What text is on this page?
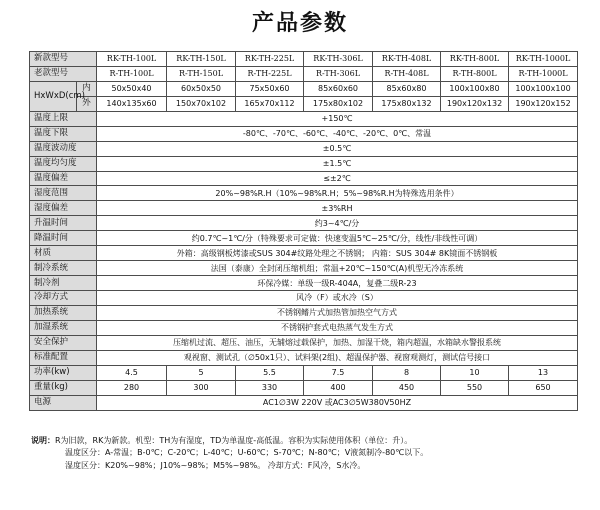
产品参数
新款型号		RK-TH-100L	RK-TH-150L	RK-TH-225L	RK-TH-306L	RK-TH-408L	RK-TH-800L	RK-TH-1000L
老款型号		R-TH-100L	R-TH-150L	R-TH-225L	R-TH-306L	R-TH-408L	R-TH-800L	R-TH-1000L
HxWxD(cm)	内	50x50x40	60x50x50	75x50x60	85x60x60	85x60x80	100x100x80	100x100x100
	外	140x135x60	150x70x102	165x70x112	175x80x102	175x80x132	190x120x132	190x120x152
温度上限		+150℃						
温度下限		-80℃、-70℃、-60℃、-40℃、-20℃、0℃、常温						
温度波动度		±0.5℃						
温度均匀度		±1.5℃						
温度偏差		≤±2℃						
湿度范围		20%~98%R.H（10%~98%R.H；5%~98%R.H为特殊选用条件）						
湿度偏差		±3%RH						
升温时间		约3~4℃/分						
降温时间		约0.7℃~1℃/分（特殊要求可定做：快速变温5℃~25℃/分，线性/非线性可调）						
材质		外箱：高级钢板烤漆或SUS 304#纹路处理之不锈钢； 内箱：SUS 304# 8K镜面不锈钢板						
制冷系统		法国（泰康）全封闭压缩机组；常温+20℃~150℃(A)机型无冷冻系统						
制冷剂		环保冷媒：单级一级R-404A，复叠二级R-23						
冷却方式		风冷（F）或水冷（S）						
加热系统		不锈钢鳍片式加热管加热空气方式						
加湿系统		不锈钢护套式电热蒸气发生方式						
安全保护		压缩机过流、超压、油压，无辅熔过载保护，加热、加湿干烧，箱内超温，水箱缺水警报系统						
标准配置		观视窗、测试孔（∅50x1只）、试料架(2组)、超温保护器、视窗观测灯，测试信号接口						
功率(kw)		4.5	5	5.5	7.5	8	10	13
重量(kg)		280	300	330	400	450	550	650
电源		AC1∅3W 220V 或AC3∅5W380V50HZ						
说明：R为旧款，RK为新款。机型：TH为有湿度，TD为单温度-高低温。容积为实际使用体积（单位：升）。
温度区分：A-常温；B-0℃；C-20℃；L-40℃；U-60℃；S-70℃；N-80℃；V液氮制冷-80℃以下。
湿度区分：K20%~98%；J10%~98%；M5%~98%。 冷却方式：F风冷，S水冷。
